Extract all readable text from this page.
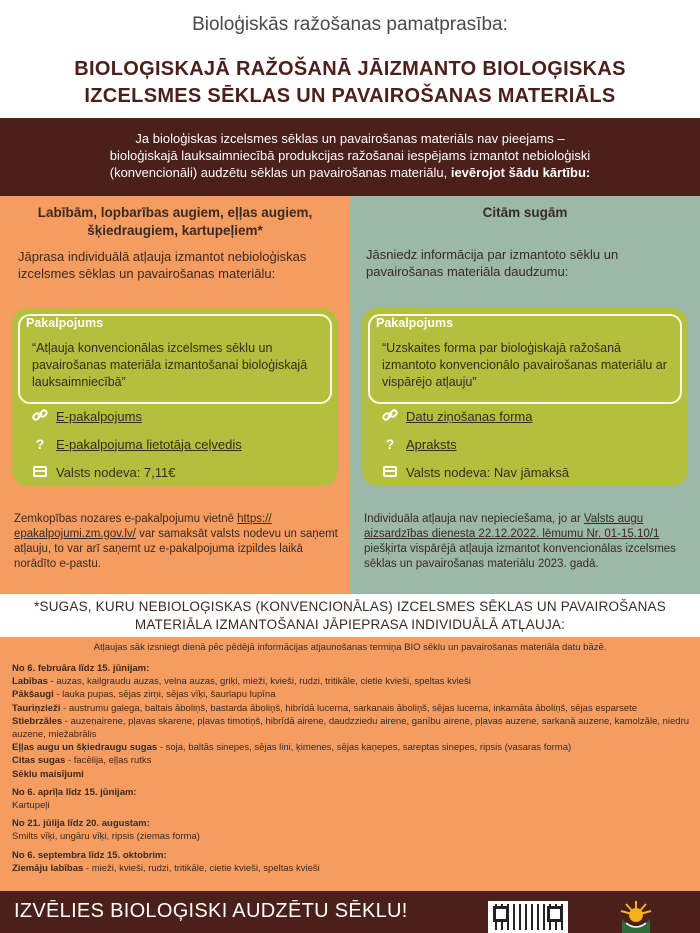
Bioloģiskās ražošanas pamatprasība:
BIOLOĢISKAJĀ RAŽOŠANĀ JĀIZMANTO BIOLOĢISKAS
IZCELSMES SĒKLAS UN PAVAIROŠANAS MATERIĀLS
Ja bioloģiskas izcelsmes sēklas un pavairošanas materiāls nav pieejams –
bioloģiskajā lauksaimniecībā produkcijas ražošanai iespējams izmantot nebioloģiski
(konvencionāli) audzētu sēklas un pavairošanas materiālu, ievērojot šādu kārtību:
Labībām, lopbarības augiem, eļļas augiem, šķiedraugiem, kartupeļiem*
Jāprasa individuālā atļauja izmantot nebioloģiskas izcelsmes sēklas un pavairošanas materiālu:
Pakalpojums
“Atļauja konvencionālas izcelsmes sēklu un pavairošanas materiāla izmantošanai bioloģiskajā lauksaimniecībā”
E-pakalpojums
? E-pakalpojuma lietotāja ceļvedis
Valsts nodeva: 7,11€
Zemkopības nozares e-pakalpojumu vietnē https:// epakalpojumi.zm.gov.lv/ var samaksāt valsts nodevu un saņemt atļauju, to var arī saņemt uz e-pakalpojuma izpildes laikā norādīto e-pastu.
Citām sugām
Jāsniedz informācija par izmantoto sēklu un pavairošanas materiāla daudzumu:
Pakalpojums
“Uzskaites forma par bioloģiskajā ražošanā izmantoto konvencionālo pavairošanas materiālu ar vispārējo atļauju”
Datu ziņošanas forma
? Apraksts
Valsts nodeva: Nav jāmaksā
Individuāla atļauja nav nepieciešama, jo ar Valsts augu aizsardzības dienesta 22.12.2022. lēmumu Nr. 01-15.10/1 piešķirta vispārējā atļauja izmantot konvencionālas izcelsmes sēklas un pavairošanas materiālu 2023. gadā.
*SUGAS, KURU NEBIOLOĢISKAS (KONVENCIONĀLAS) IZCELSMES SĒKLAS UN PAVAIROŠANAS
MATERIĀLA IZMANTOŠANAI JĀPIEPRASA INDIVIDUĀLĀ ATĻAUJA:
Atļaujas sāk izsniegt dienā pēc pēdējā informācijas atjaunošanas termiņa BIO sēklu un pavairošanas materiāla datu bāzē.

No 6. februāra līdz 15. jūnijam:

Labības - auzas, kailgraudu auzas, velna auzas, griķi, mieži, kvieši, rudzi, tritikāle, cietie kvieši, speltas kvieši

Pākšaugi - lauka pupas, sējas zirņi, sējas vīķi, šaurlapu lupīna

Tauriņzieži - austrumu galega, baltais āboliņš, bastarda āboliņš, hibrīdā lucerna, sarkanais āboliņš, sējas lucerna, inkarnāta āboliņš, sējas esparsete

Stiebrzāles - auzeņairene, pļavas skarene, pļavas timotiņš, hibrīdā airene, daudzziedu airene, ganību airene, pļavas auzene, sarkanā auzene, kamolzāle, niedru auzene, miežabrālis

Eļļas augu un šķiedraugu sugas - soja, baltās sinepes, sējas lini, ķimenes, sējas kaņepes, sareptas sinepes, ripsis (vasaras forma)

Citas sugas - facēlija, eļļas rutks

Sēklu maisījumi

No 6. aprīļa līdz 15. jūnijam:

Kartupeļi

No 21. jūlija līdz 20. augustam:

Smilts vīķi, ungāru vīķi, ripsis (ziemas forma)

No 6. septembra līdz 15. oktobrim:

Ziemāju labības - mieži, kvieši, rudzi, tritikāle, cietie kvieši, speltas kvieši

IZVĒLIES BIOLOĢISKI AUDZĒTU SĒKLU!
